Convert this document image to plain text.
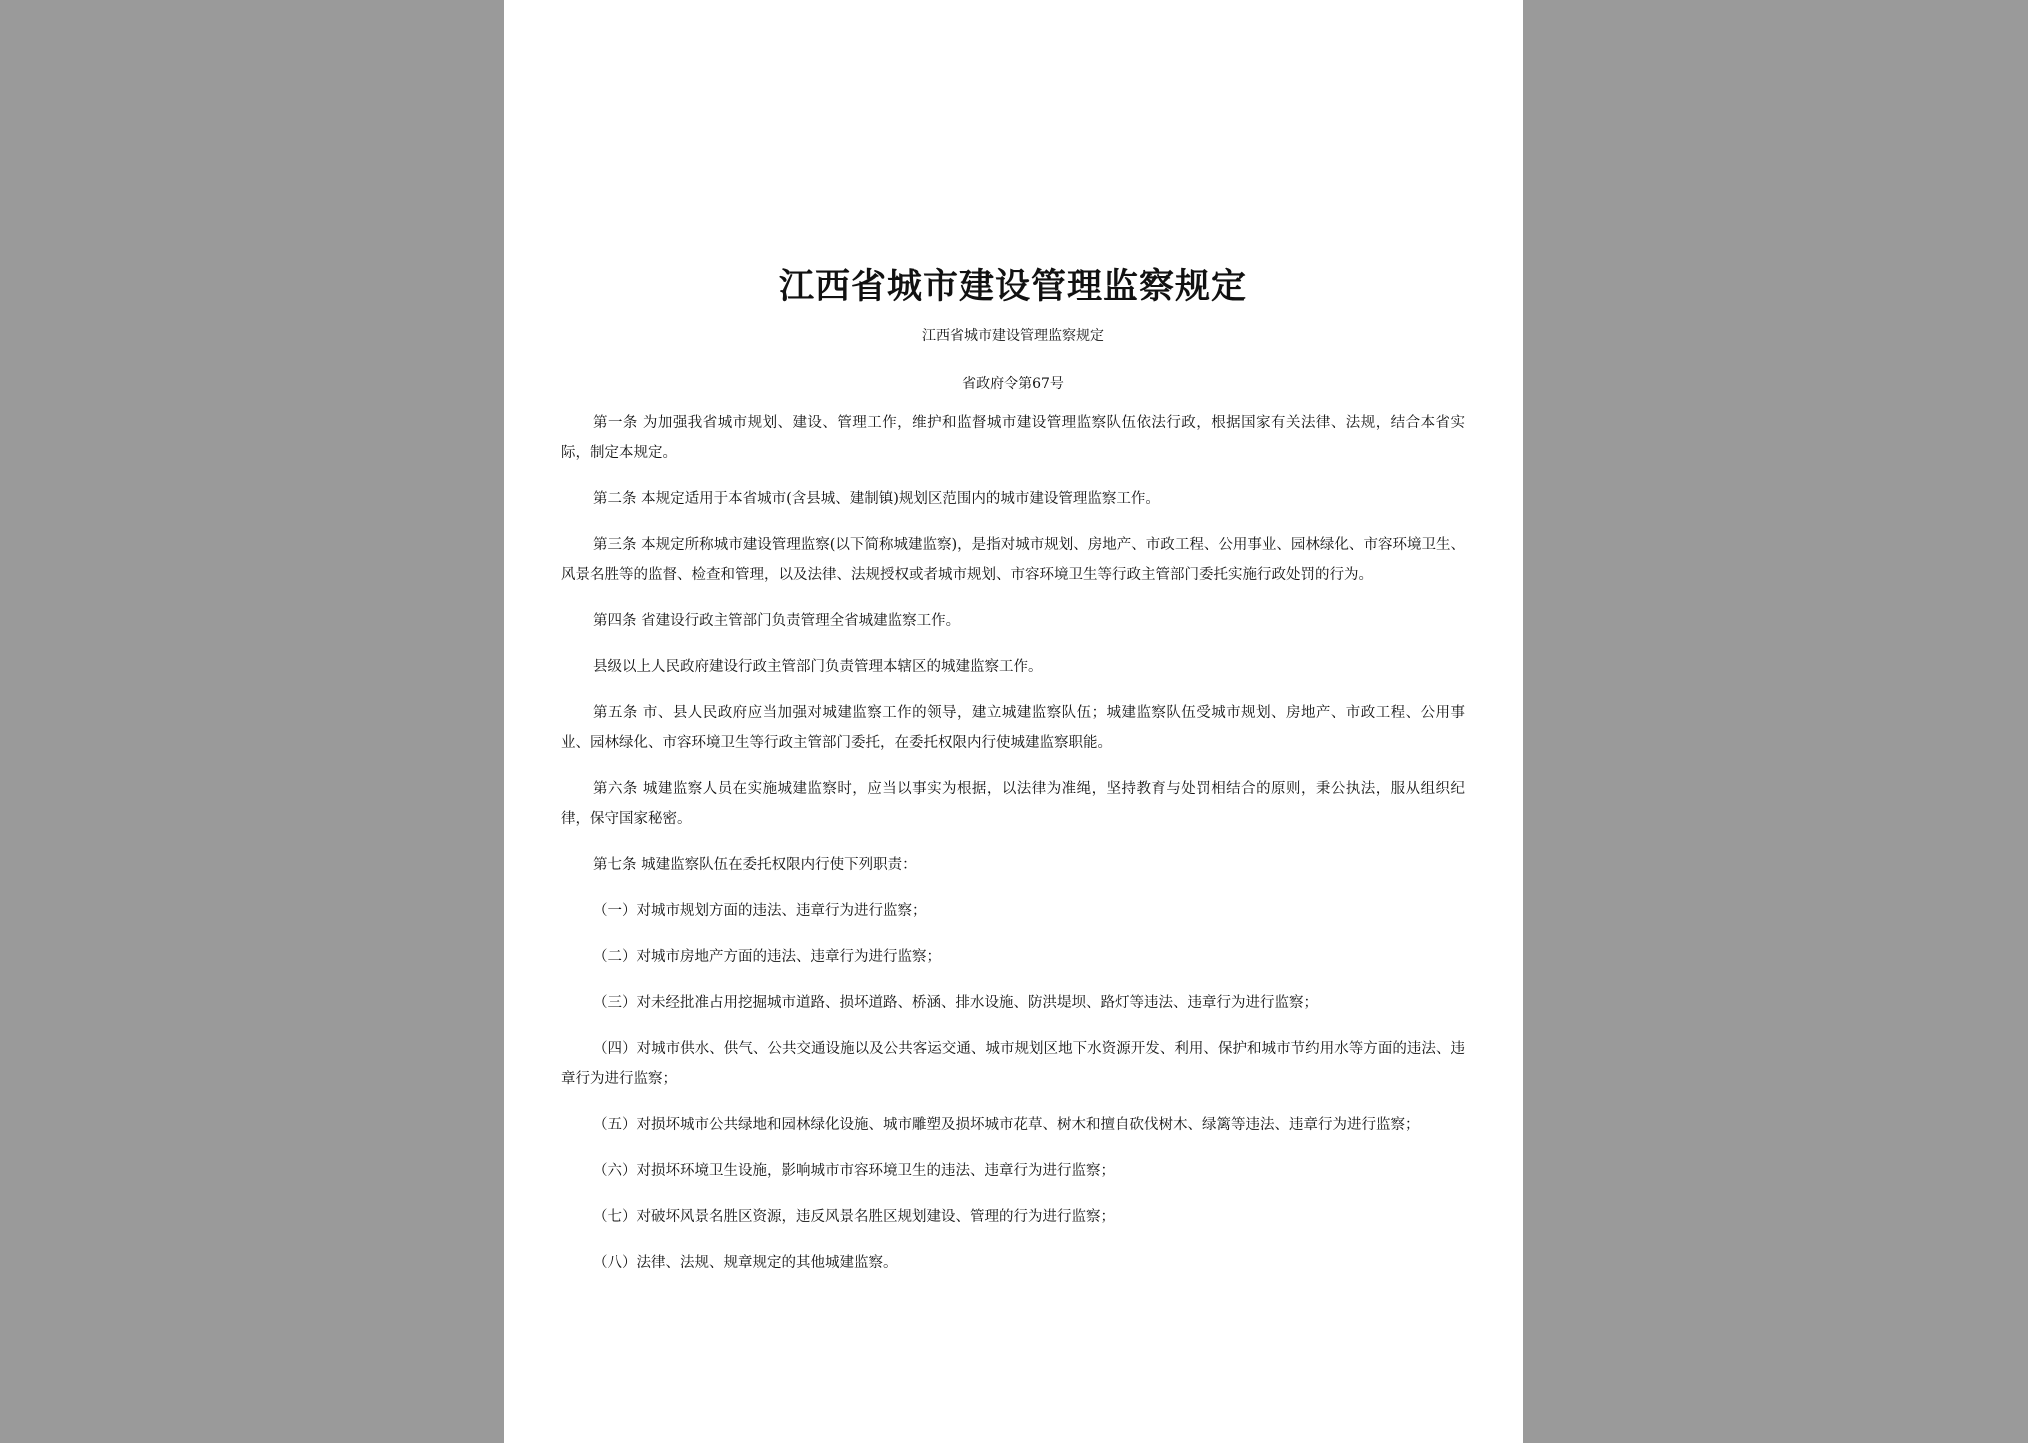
江西省城市建设管理监察规定
江西省城市建设管理监察规定
省政府令第67号

第一条 为加强我省城市规划、建设、管理工作，维护和监督城市建设管理监察队伍依法行政，根据国家有关法律、法规，结合本省实际，制定本规定。

第二条 本规定适用于本省城市(含县城、建制镇)规划区范围内的城市建设管理监察工作。

第三条 本规定所称城市建设管理监察(以下简称城建监察)，是指对城市规划、房地产、市政工程、公用事业、园林绿化、市容环境卫生、风景名胜等的监督、检查和管理，以及法律、法规授权或者城市规划、市容环境卫生等行政主管部门委托实施行政处罚的行为。

第四条 省建设行政主管部门负责管理全省城建监察工作。

县级以上人民政府建设行政主管部门负责管理本辖区的城建监察工作。

第五条 市、县人民政府应当加强对城建监察工作的领导，建立城建监察队伍；城建监察队伍受城市规划、房地产、市政工程、公用事业、园林绿化、市容环境卫生等行政主管部门委托，在委托权限内行使城建监察职能。

第六条 城建监察人员在实施城建监察时，应当以事实为根据，以法律为准绳，坚持教育与处罚相结合的原则，秉公执法，服从组织纪律，保守国家秘密。

第七条 城建监察队伍在委托权限内行使下列职责：

（一）对城市规划方面的违法、违章行为进行监察；

（二）对城市房地产方面的违法、违章行为进行监察；

（三）对未经批准占用挖掘城市道路、损坏道路、桥涵、排水设施、防洪堤坝、路灯等违法、违章行为进行监察；

（四）对城市供水、供气、公共交通设施以及公共客运交通、城市规划区地下水资源开发、利用、保护和城市节约用水等方面的违法、违章行为进行监察；

（五）对损坏城市公共绿地和园林绿化设施、城市雕塑及损坏城市花草、树木和擅自砍伐树木、绿篱等违法、违章行为进行监察；

（六）对损坏环境卫生设施，影响城市市容环境卫生的违法、违章行为进行监察；

（七）对破坏风景名胜区资源，违反风景名胜区规划建设、管理的行为进行监察；

（八）法律、法规、规章规定的其他城建监察。
